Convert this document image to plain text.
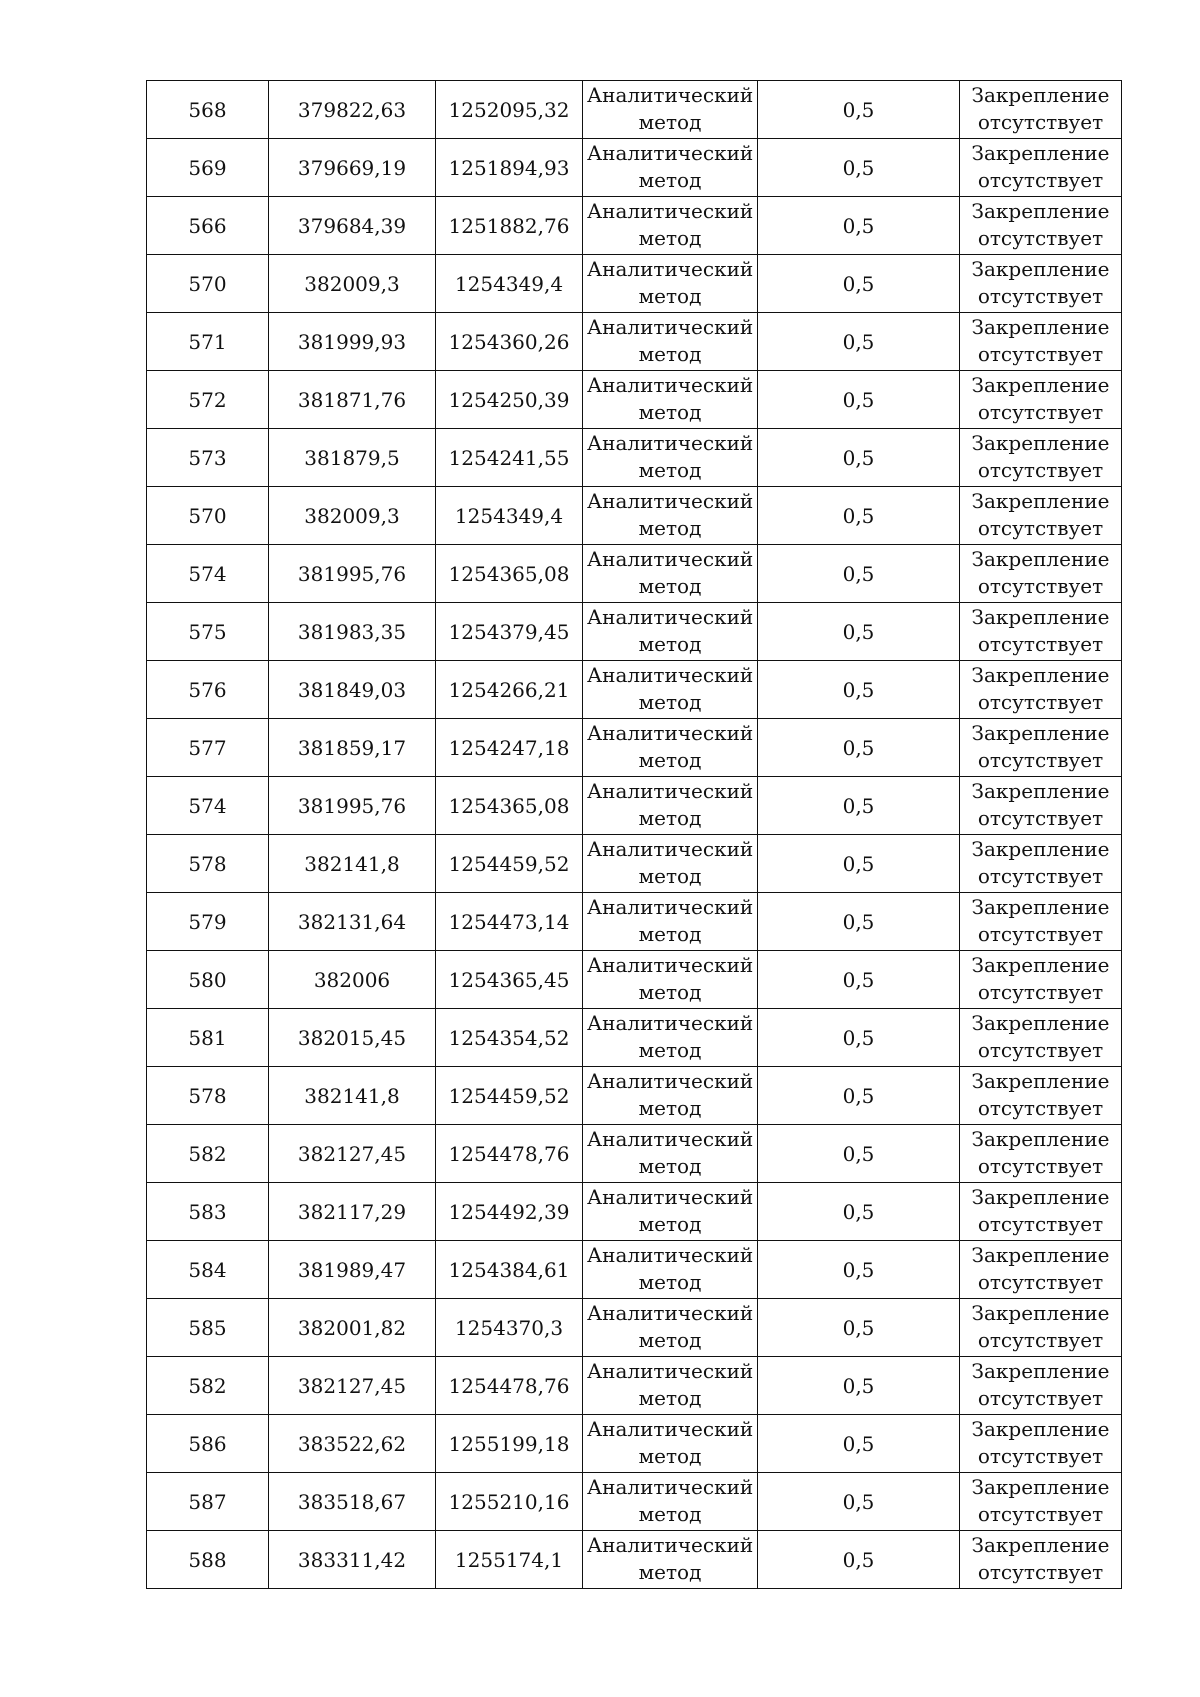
568	379822,63	1252095,32	Аналитический
метод	0,5	Закрепление
отсутствует

569	379669,19	1251894,93	Аналитический
метод	0,5	Закрепление
отсутствует

566	379684,39	1251882,76	Аналитический
метод	0,5	Закрепление
отсутствует

570	382009,3	1254349,4	Аналитический
метод	0,5	Закрепление
отсутствует

571	381999,93	1254360,26	Аналитический
метод	0,5	Закрепление
отсутствует

572	381871,76	1254250,39	Аналитический
метод	0,5	Закрепление
отсутствует

573	381879,5	1254241,55	Аналитический
метод	0,5	Закрепление
отсутствует

570	382009,3	1254349,4	Аналитический
метод	0,5	Закрепление
отсутствует

574	381995,76	1254365,08	Аналитический
метод	0,5	Закрепление
отсутствует

575	381983,35	1254379,45	Аналитический
метод	0,5	Закрепление
отсутствует

576	381849,03	1254266,21	Аналитический
метод	0,5	Закрепление
отсутствует

577	381859,17	1254247,18	Аналитический
метод	0,5	Закрепление
отсутствует

574	381995,76	1254365,08	Аналитический
метод	0,5	Закрепление
отсутствует

578	382141,8	1254459,52	Аналитический
метод	0,5	Закрепление
отсутствует

579	382131,64	1254473,14	Аналитический
метод	0,5	Закрепление
отсутствует

580	382006	1254365,45	Аналитический
метод	0,5	Закрепление
отсутствует

581	382015,45	1254354,52	Аналитический
метод	0,5	Закрепление
отсутствует

578	382141,8	1254459,52	Аналитический
метод	0,5	Закрепление
отсутствует

582	382127,45	1254478,76	Аналитический
метод	0,5	Закрепление
отсутствует

583	382117,29	1254492,39	Аналитический
метод	0,5	Закрепление
отсутствует

584	381989,47	1254384,61	Аналитический
метод	0,5	Закрепление
отсутствует

585	382001,82	1254370,3	Аналитический
метод	0,5	Закрепление
отсутствует

582	382127,45	1254478,76	Аналитический
метод	0,5	Закрепление
отсутствует

586	383522,62	1255199,18	Аналитический
метод	0,5	Закрепление
отсутствует

587	383518,67	1255210,16	Аналитический
метод	0,5	Закрепление
отсутствует

588	383311,42	1255174,1	Аналитический
метод	0,5	Закрепление
отсутствует
